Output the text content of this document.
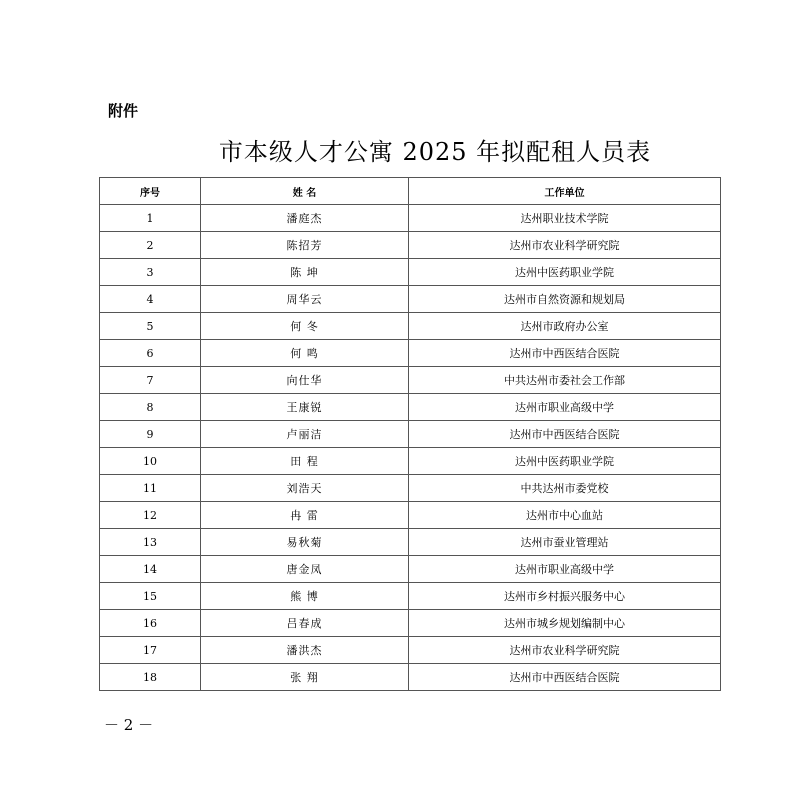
附件
市本级人才公寓 2025 年拟配租人员表
序号	姓 名	工作单位
1	潘庭杰	达州职业技术学院
2	陈招芳	达州市农业科学研究院
3	陈 坤	达州中医药职业学院
4	周华云	达州市自然资源和规划局
5	何 冬	达州市政府办公室
6	何 鸣	达州市中西医结合医院
7	向仕华	中共达州市委社会工作部
8	王康锐	达州市职业高级中学
9	卢丽洁	达州市中西医结合医院
10	田 程	达州中医药职业学院
11	刘浩天	中共达州市委党校
12	冉 雷	达州市中心血站
13	易秋菊	达州市蚕业管理站
14	唐金凤	达州市职业高级中学
15	熊 博	达州市乡村振兴服务中心
16	吕春成	达州市城乡规划编制中心
17	潘洪杰	达州市农业科学研究院
18	张 翔	达州市中西医结合医院
－ 2 －
